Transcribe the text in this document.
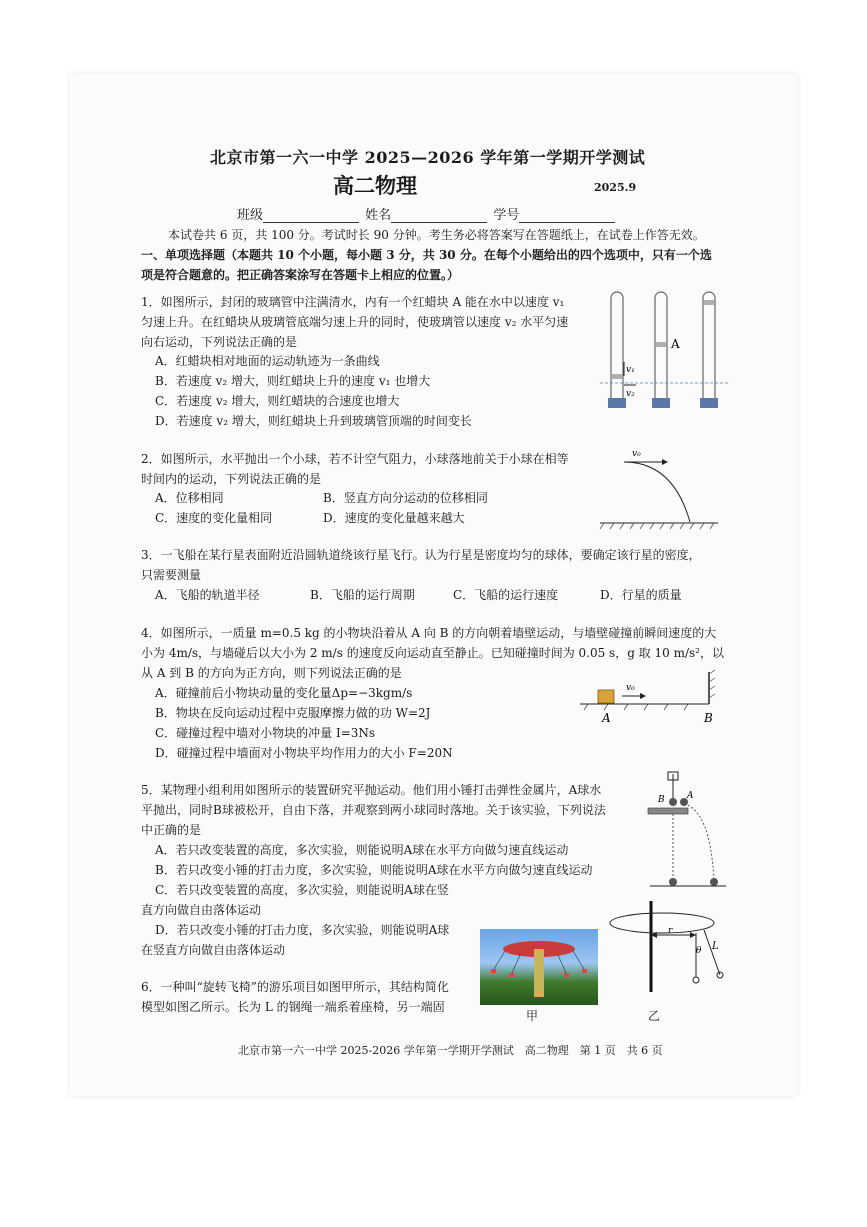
北京市第一六一中学 2025—2026 学年第一学期开学测试
高二物理	2025.9
班级	姓名	学号
本试卷共 6 页，共 100 分。考试时长 90 分钟。考生务必将答案写在答题纸上，在试卷上作答无效。
一、单项选择题（本题共 10 个小题，每小题 3 分，共 30 分。在每个小题给出的四个选项中，只有一个选
项是符合题意的。把正确答案涂写在答题卡上相应的位置。）
1．如图所示，封闭的玻璃管中注满清水，内有一个红蜡块 A 能在水中以速度 v₁
匀速上升。在红蜡块从玻璃管底端匀速上升的同时，使玻璃管以速度 v₂ 水平匀速
向右运动，下列说法正确的是
A．红蜡块相对地面的运动轨迹为一条曲线
B．若速度 v₂ 增大，则红蜡块上升的速度 v₁ 也增大
C．若速度 v₂ 增大，则红蜡块的合速度也增大
D．若速度 v₂ 增大，则红蜡块上升到玻璃管顶端的时间变长
A
v₁
v₂
2．如图所示，水平抛出一个小球，若不计空气阻力，小球落地前关于小球在相等
时间内的运动，下列说法正确的是
A．位移相同	B．竖直方向分运动的位移相同
C．速度的变化量相同	D．速度的变化量越来越大
v₀
3．一飞船在某行星表面附近沿圆轨道绕该行星飞行。认为行星是密度均匀的球体，要确定该行星的密度，
只需要测量
A．飞船的轨道半径	B．飞船的运行周期	C．飞船的运行速度	D．行星的质量
4．如图所示，一质量 m=0.5 kg 的小物块沿着从 A 向 B 的方向朝着墙壁运动，与墙壁碰撞前瞬间速度的大
小为 4m/s，与墙碰后以大小为 2 m/s 的速度反向运动直至静止。已知碰撞时间为 0.05 s，g 取 10 m/s²，以
从 A 到 B 的方向为正方向，则下列说法正确的是
A．碰撞前后小物块动量的变化量Δp=−3kgm/s
B．物块在反向运动过程中克服摩擦力做的功 W=2J
C．碰撞过程中墙对小物块的冲量 I=3Ns
D．碰撞过程中墙面对小物块平均作用力的大小 F=20N
v₀
A	B
5．某物理小组利用如图所示的装置研究平抛运动。他们用小锤打击弹性金属片，A球水
平抛出，同时B球被松开，自由下落，并观察到两小球同时落地。关于该实验，下列说法
中正确的是
A．若只改变装置的高度，多次实验，则能说明A球在水平方向做匀速直线运动
B．若只改变小锤的打击力度，多次实验，则能说明A球在水平方向做匀速直线运动
C．若只改变装置的高度，多次实验，则能说明A球在竖
直方向做自由落体运动
D．若只改变小锤的打击力度，多次实验，则能说明A球
在竖直方向做自由落体运动
B A
6．一种叫“旋转飞椅”的游乐项目如图甲所示，其结构简化
模型如图乙所示。长为 L 的钢绳一端系着座椅，另一端固
甲
r
θ L
乙
北京市第一六一中学 2025-2026 学年第一学期开学测试　高二物理　第 1 页　共 6 页
